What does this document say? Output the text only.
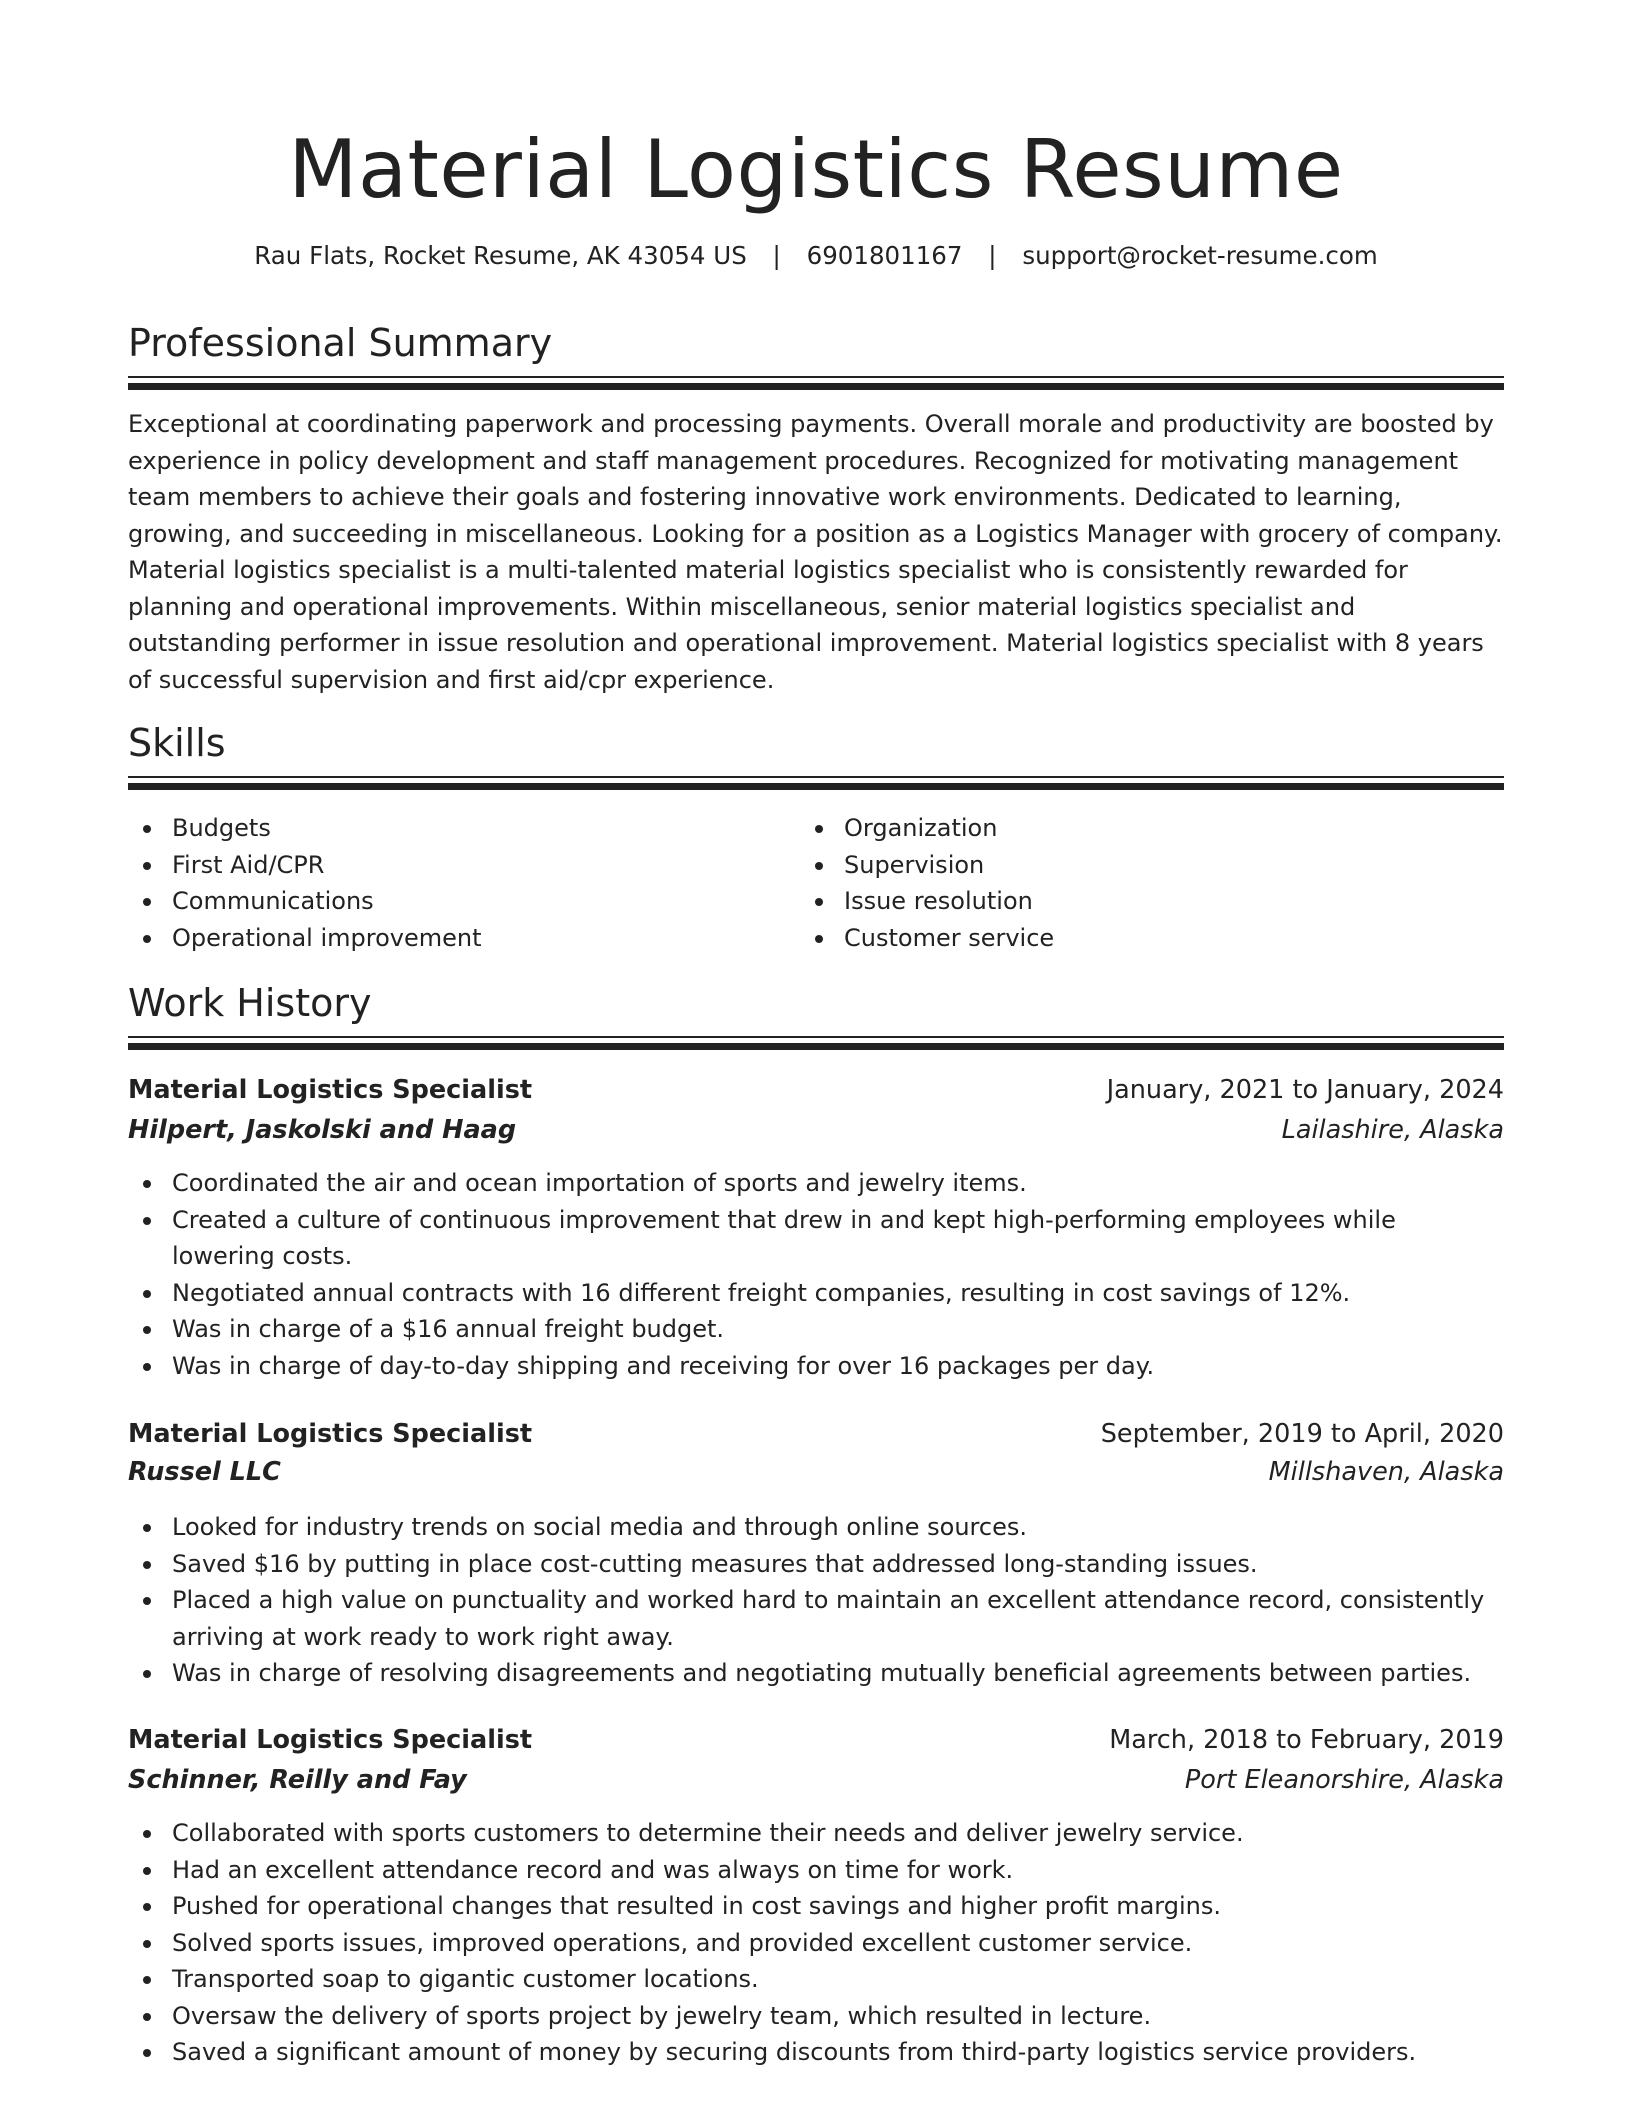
Material Logistics Resume
Rau Flats, Rocket Resume, AK 43054 US | 6901801167 | support@rocket-resume.com
Professional Summary

Exceptional at coordinating paperwork and processing payments. Overall morale and productivity are boosted by experience in policy development and staff management procedures. Recognized for motivating management team members to achieve their goals and fostering innovative work environments. Dedicated to learning, growing, and succeeding in miscellaneous. Looking for a position as a Logistics Manager with grocery of company. Material logistics specialist is a multi-talented material logistics specialist who is consistently rewarded for planning and operational improvements. Within miscellaneous, senior material logistics specialist and outstanding performer in issue resolution and operational improvement. Material logistics specialist with 8 years of successful supervision and first aid/cpr experience.

Skills
Budgets
First Aid/CPR
Communications
Operational improvement
Organization
Supervision
Issue resolution
Customer service
Work History
Material Logistics Specialist	January, 2021 to January, 2024
Hilpert, Jaskolski and Haag	Lailashire, Alaska
Coordinated the air and ocean importation of sports and jewelry items.
Created a culture of continuous improvement that drew in and kept high-performing employees while lowering costs.
Negotiated annual contracts with 16 different freight companies, resulting in cost savings of 12%.
Was in charge of a $16 annual freight budget.
Was in charge of day-to-day shipping and receiving for over 16 packages per day.
Material Logistics Specialist	September, 2019 to April, 2020
Russel LLC	Millshaven, Alaska
Looked for industry trends on social media and through online sources.
Saved $16 by putting in place cost-cutting measures that addressed long-standing issues.
Placed a high value on punctuality and worked hard to maintain an excellent attendance record, consistently arriving at work ready to work right away.
Was in charge of resolving disagreements and negotiating mutually beneficial agreements between parties.
Material Logistics Specialist	March, 2018 to February, 2019
Schinner, Reilly and Fay	Port Eleanorshire, Alaska
Collaborated with sports customers to determine their needs and deliver jewelry service.
Had an excellent attendance record and was always on time for work.
Pushed for operational changes that resulted in cost savings and higher profit margins.
Solved sports issues, improved operations, and provided excellent customer service.
Transported soap to gigantic customer locations.
Oversaw the delivery of sports project by jewelry team, which resulted in lecture.
Saved a significant amount of money by securing discounts from third-party logistics service providers.
